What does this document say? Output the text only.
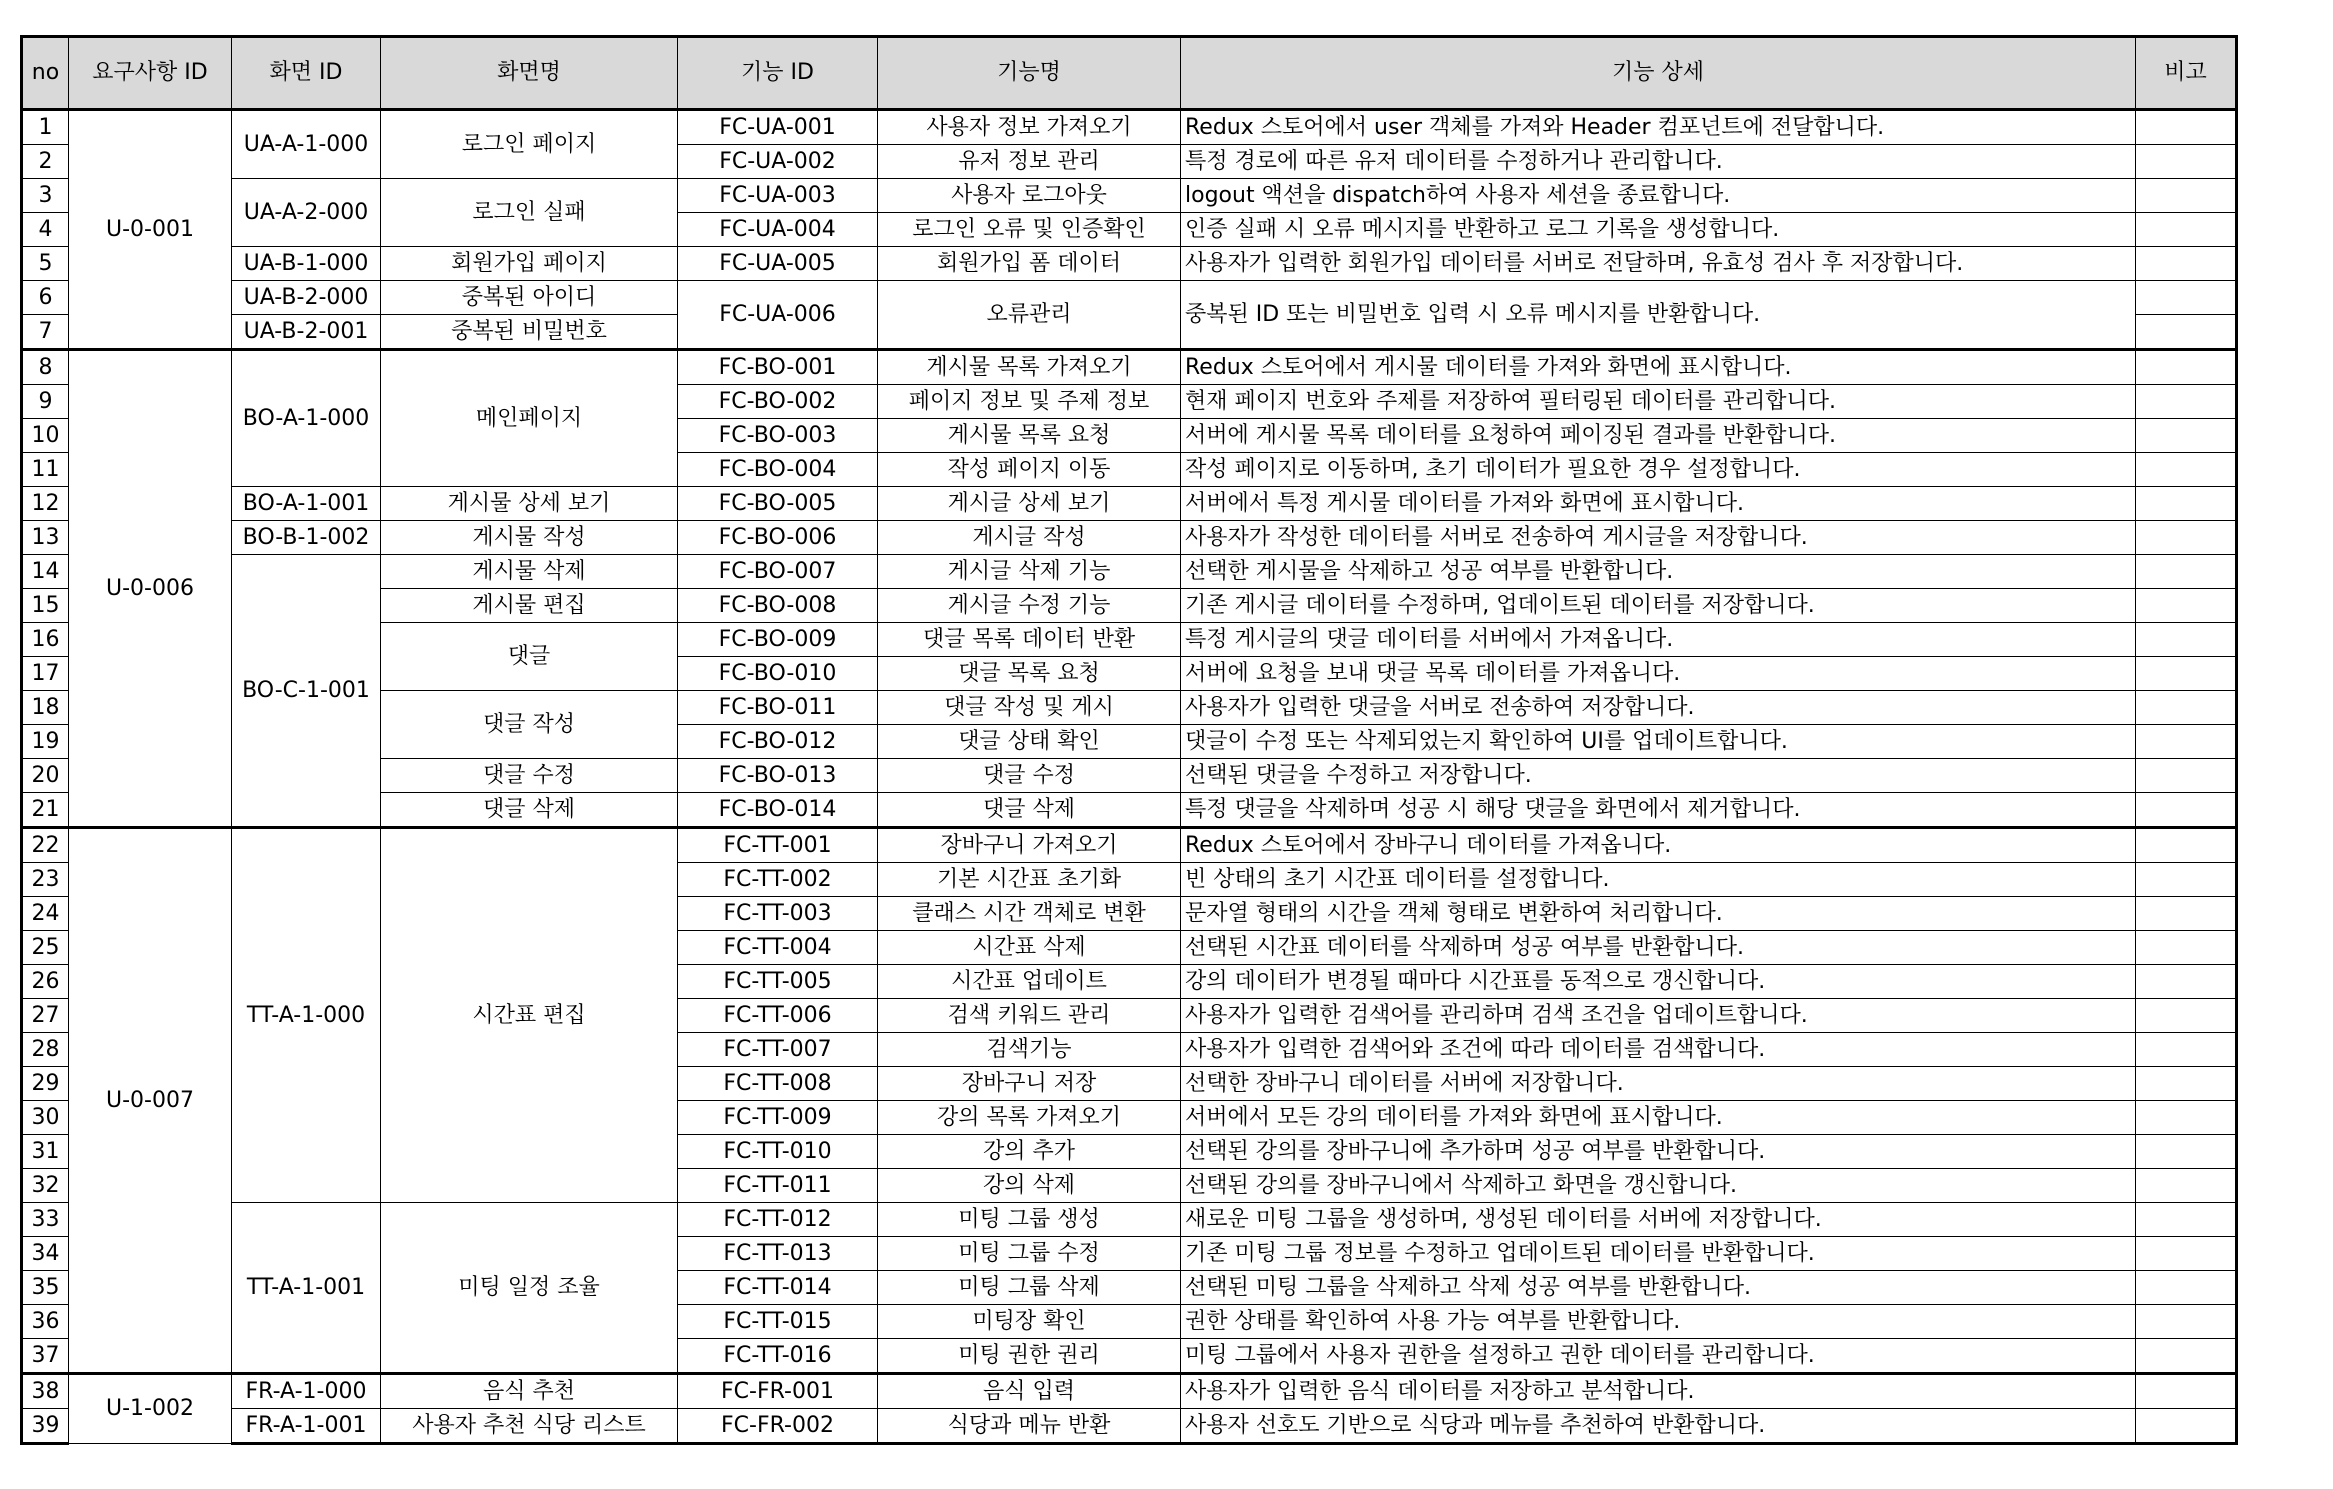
no	요구사항 ID	화면 ID	화면명	기능 ID	기능명	기능 상세	비고
1	U-0-001	UA-A-1-000	로그인 페이지	FC-UA-001	사용자 정보 가져오기	Redux 스토어에서 user 객체를 가져와 Header 컴포넌트에 전달합니다.	
2				FC-UA-002	유저 정보 관리	특정 경로에 따른 유저 데이터를 수정하거나 관리합니다.	
3		UA-A-2-000	로그인 실패	FC-UA-003	사용자 로그아웃	logout 액션을 dispatch하여 사용자 세션을 종료합니다.	
4				FC-UA-004	로그인 오류 및 인증확인	인증 실패 시 오류 메시지를 반환하고 로그 기록을 생성합니다.	
5		UA-B-1-000	회원가입 페이지	FC-UA-005	회원가입 폼 데이터	사용자가 입력한 회원가입 데이터를 서버로 전달하며, 유효성 검사 후 저장합니다.	
6		UA-B-2-000	중복된 아이디	FC-UA-006	오류관리	중복된 ID 또는 비밀번호 입력 시 오류 메시지를 반환합니다.	
7		UA-B-2-001	중복된 비밀번호				
8	U-0-006	BO-A-1-000	메인페이지	FC-BO-001	게시물 목록 가져오기	Redux 스토어에서 게시물 데이터를 가져와 화면에 표시합니다.	
9				FC-BO-002	페이지 정보 및 주제 정보	현재 페이지 번호와 주제를 저장하여 필터링된 데이터를 관리합니다.	
10				FC-BO-003	게시물 목록 요청	서버에 게시물 목록 데이터를 요청하여 페이징된 결과를 반환합니다.	
11				FC-BO-004	작성 페이지 이동	작성 페이지로 이동하며, 초기 데이터가 필요한 경우 설정합니다.	
12		BO-A-1-001	게시물 상세 보기	FC-BO-005	게시글 상세 보기	서버에서 특정 게시물 데이터를 가져와 화면에 표시합니다.	
13		BO-B-1-002	게시물 작성	FC-BO-006	게시글 작성	사용자가 작성한 데이터를 서버로 전송하여 게시글을 저장합니다.	
14		BO-C-1-001	게시물 삭제	FC-BO-007	게시글 삭제 기능	선택한 게시물을 삭제하고 성공 여부를 반환합니다.	
15			게시물 편집	FC-BO-008	게시글 수정 기능	기존 게시글 데이터를 수정하며, 업데이트된 데이터를 저장합니다.	
16			댓글	FC-BO-009	댓글 목록 데이터 반환	특정 게시글의 댓글 데이터를 서버에서 가져옵니다.	
17				FC-BO-010	댓글 목록 요청	서버에 요청을 보내 댓글 목록 데이터를 가져옵니다.	
18			댓글 작성	FC-BO-011	댓글 작성 및 게시	사용자가 입력한 댓글을 서버로 전송하여 저장합니다.	
19				FC-BO-012	댓글 상태 확인	댓글이 수정 또는 삭제되었는지 확인하여 UI를 업데이트합니다.	
20			댓글 수정	FC-BO-013	댓글 수정	선택된 댓글을 수정하고 저장합니다.	
21			댓글 삭제	FC-BO-014	댓글 삭제	특정 댓글을 삭제하며 성공 시 해당 댓글을 화면에서 제거합니다.	
22	U-0-007	TT-A-1-000	시간표 편집	FC-TT-001	장바구니 가져오기	Redux 스토어에서 장바구니 데이터를 가져옵니다.	
23				FC-TT-002	기본 시간표 초기화	빈 상태의 초기 시간표 데이터를 설정합니다.	
24				FC-TT-003	클래스 시간 객체로 변환	문자열 형태의 시간을 객체 형태로 변환하여 처리합니다.	
25				FC-TT-004	시간표 삭제	선택된 시간표 데이터를 삭제하며 성공 여부를 반환합니다.	
26				FC-TT-005	시간표 업데이트	강의 데이터가 변경될 때마다 시간표를 동적으로 갱신합니다.	
27				FC-TT-006	검색 키워드 관리	사용자가 입력한 검색어를 관리하며 검색 조건을 업데이트합니다.	
28				FC-TT-007	검색기능	사용자가 입력한 검색어와 조건에 따라 데이터를 검색합니다.	
29				FC-TT-008	장바구니 저장	선택한 장바구니 데이터를 서버에 저장합니다.	
30				FC-TT-009	강의 목록 가져오기	서버에서 모든 강의 데이터를 가져와 화면에 표시합니다.	
31				FC-TT-010	강의 추가	선택된 강의를 장바구니에 추가하며 성공 여부를 반환합니다.	
32				FC-TT-011	강의 삭제	선택된 강의를 장바구니에서 삭제하고 화면을 갱신합니다.	
33		TT-A-1-001	미팅 일정 조율	FC-TT-012	미팅 그룹 생성	새로운 미팅 그룹을 생성하며, 생성된 데이터를 서버에 저장합니다.	
34				FC-TT-013	미팅 그룹 수정	기존 미팅 그룹 정보를 수정하고 업데이트된 데이터를 반환합니다.	
35				FC-TT-014	미팅 그룹 삭제	선택된 미팅 그룹을 삭제하고 삭제 성공 여부를 반환합니다.	
36				FC-TT-015	미팅장 확인	권한 상태를 확인하여 사용 가능 여부를 반환합니다.	
37				FC-TT-016	미팅 권한 권리	미팅 그룹에서 사용자 권한을 설정하고 권한 데이터를 관리합니다.	
38	U-1-002	FR-A-1-000	음식 추천	FC-FR-001	음식 입력	사용자가 입력한 음식 데이터를 저장하고 분석합니다.	
39		FR-A-1-001	사용자 추천 식당 리스트	FC-FR-002	식당과 메뉴 반환	사용자 선호도 기반으로 식당과 메뉴를 추천하여 반환합니다.	
